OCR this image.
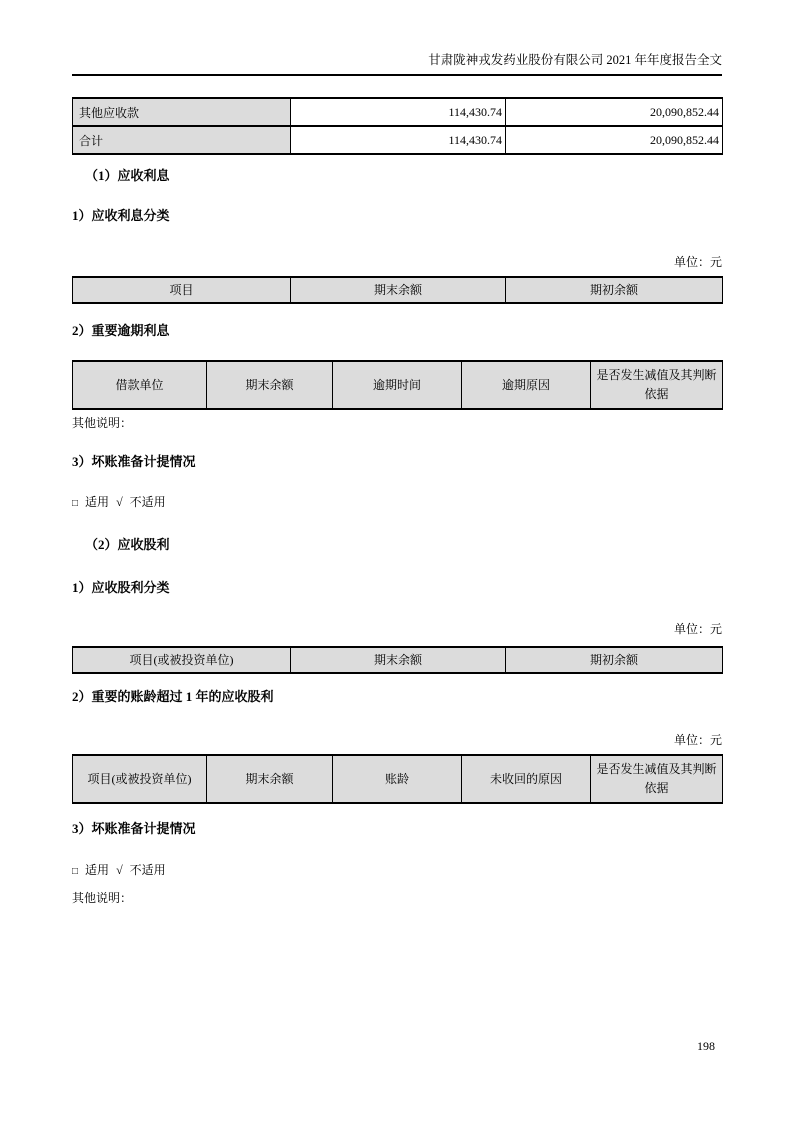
甘肃陇神戎发药业股份有限公司 2021 年年度报告全文
其他应收款	114,430.74	20,090,852.44
合计	114,430.74	20,090,852.44
（1）应收利息
1）应收利息分类
单位：元
项目	期末余额	期初余额
2）重要逾期利息
借款单位	期末余额	逾期时间	逾期原因	是否发生减值及其判断依据
其他说明：
3）坏账准备计提情况
□ 适用 √ 不适用
（2）应收股利
1）应收股利分类
单位：元
项目(或被投资单位)	期末余额	期初余额
2）重要的账龄超过 1 年的应收股利
单位：元
项目(或被投资单位)	期末余额	账龄	未收回的原因	是否发生减值及其判断依据
3）坏账准备计提情况
□ 适用 √ 不适用
其他说明：
198
